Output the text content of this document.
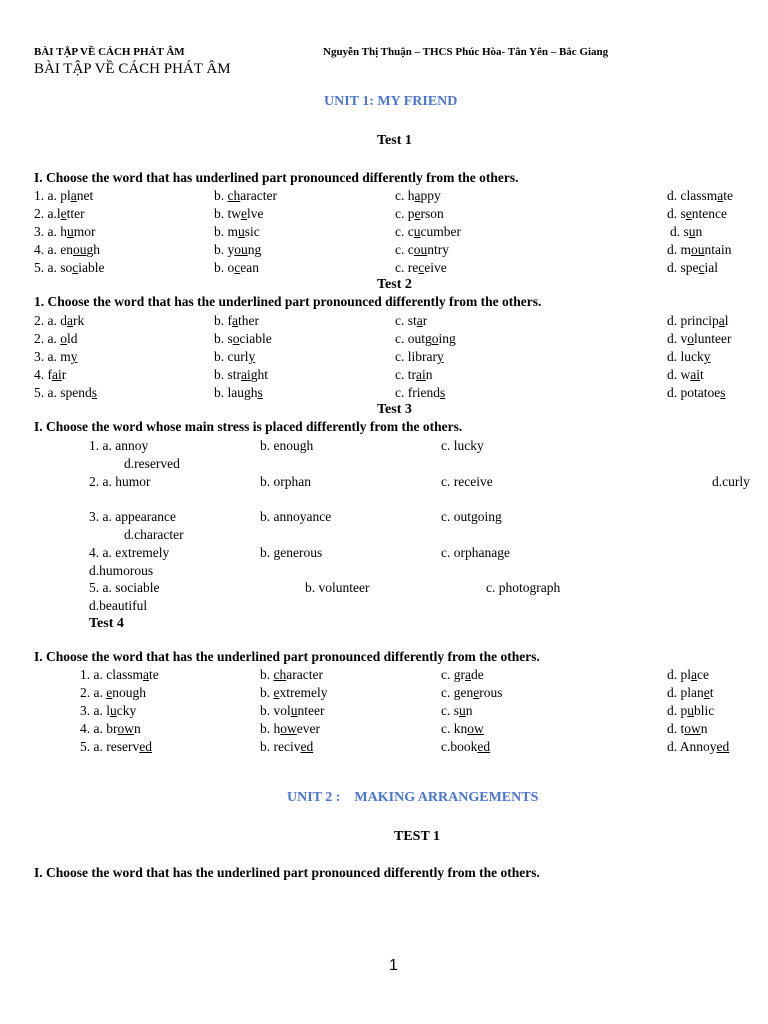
BÀI TẬP VỀ CÁCH PHÁT ÂM	Nguyễn Thị Thuận – THCS Phúc Hòa- Tân Yên – Bắc Giang
BÀI TẬP VỀ CÁCH PHÁT ÂM
UNIT 1: MY FRIEND
Test 1
I. Choose the word that has underlined part pronounced differently from the others.
1. a. planet	b. character	c. happy	d. classmate
2. a.letter	b. twelve	c. person	d. sentence
3. a. humor	b. music	c. cucumber	d. sun
4. a. enough	b. young	c. country	d. mountain
5. a. sociable	b. ocean	c. receive	d. special
Test 2
1. Choose the word that has the underlined part pronounced differently from the others.
2. a. dark	b. father	c. star	d. principal
2. a. old	b. sociable	c. outgoing	d. volunteer
3. a. my	b. curly	c. library	d. lucky
4. fair	b. straight	c. train	d. wait
5. a. spends	b. laughs	c. friends	d. potatoes
Test 3
I. Choose the word whose main stress is placed differently from the others.
1. a. annoy	b. enough	c. lucky
d.reserved
2. a. humor	b. orphan	c. receive	d.curly
3. a. appearance	b. annoyance	c. outgoing
d.character
4. a. extremely	b. generous	c. orphanage
d.humorous
5. a. sociable	b. volunteer	c. photograph
d.beautiful
Test 4
I. Choose the word that has the underlined part pronounced differently from the others.
1. a. classmate	b. character	c. grade	d. place
2. a. enough	b. extremely	c. generous	d. planet
3. a. lucky	b. volunteer	c. sun	d. public
4. a. brown	b. however	c. know	d. town
5. a. reserved	b. recived	c.booked	d. Annoyed
UNIT 2 :    MAKING ARRANGEMENTS
TEST 1
I. Choose the word that has the underlined part pronounced differently from the others.
1
